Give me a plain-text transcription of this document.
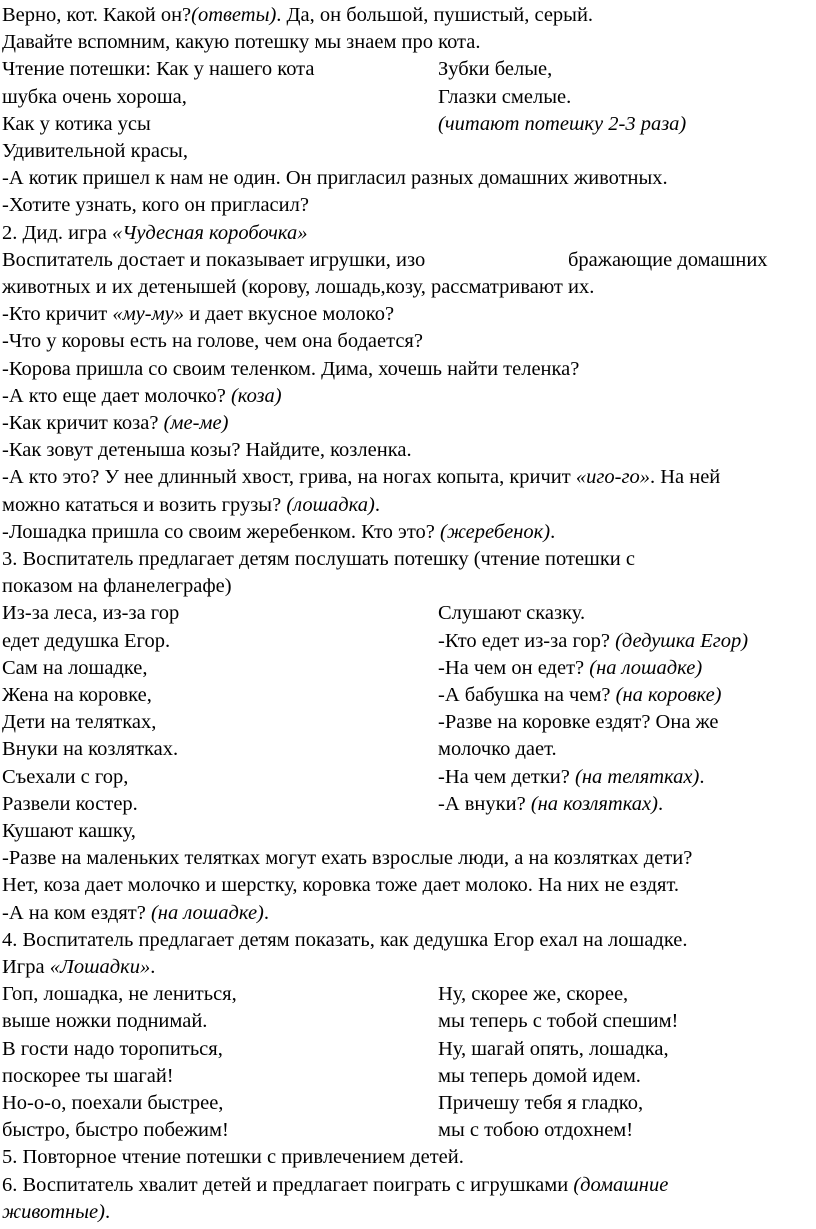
Верно, кот. Какой он?(ответы). Да, он большой, пушистый, серый.
Давайте вспомним, какую потешку мы знаем про кота.
Чтение потешки: Как у нашего кота	Зубки белые,
шубка очень хороша,	Глазки смелые.
Как у котика усы	(читают потешку 2-3 раза)
Удивительной красы,
-А котик пришел к нам не один. Он пригласил разных домашних животных.
-Хотите узнать, кого он пригласил?
2. Дид. игра «Чудесная коробочка»
Воспитатель достает и показывает игрушки, изо	бражающие домашних
животных и их детенышей (корову, лошадь,козу, рассматривают их.
-Кто кричит «му-му» и дает вкусное молоко?
-Что у коровы есть на голове, чем она бодается?
-Корова пришла со своим теленком. Дима, хочешь найти теленка?
-А кто еще дает молочко? (коза)
-Как кричит коза? (ме-ме)
-Как зовут детеныша козы? Найдите, козленка.
-А кто это? У нее длинный хвост, грива, на ногах копыта, кричит «иго-го». На ней
можно кататься и возить грузы? (лошадка).
-Лошадка пришла со своим жеребенком. Кто это? (жеребенок).
3. Воспитатель предлагает детям послушать потешку (чтение потешки с
показом на фланелеграфе)
Из-за леса, из-за гор	Слушают сказку.
едет дедушка Егор.	-Кто едет из-за гор? (дедушка Егор)
Сам на лошадке,	-На чем он едет? (на лошадке)
Жена на коровке,	-А бабушка на чем? (на коровке)
Дети на телятках,	-Разве на коровке ездят? Она же
Внуки на козлятках.	молочко дает.
Съехали с гор,	-На чем детки? (на телятках).
Развели костер.	-А внуки? (на козлятках).
Кушают кашку,
-Разве на маленьких телятках могут ехать взрослые люди, а на козлятках дети?
Нет, коза дает молочко и шерстку, коровка тоже дает молоко. На них не ездят.
-А на ком ездят? (на лошадке).
4. Воспитатель предлагает детям показать, как дедушка Егор ехал на лошадке.
Игра «Лошадки».
Гоп, лошадка, не лениться,	Ну, скорее же, скорее,
выше ножки поднимай.	мы теперь с тобой спешим!
В гости надо торопиться,	Ну, шагай опять, лошадка,
поскорее ты шагай!	мы теперь домой идем.
Но-о-о, поехали быстрее,	Причешу тебя я гладко,
быстро, быстро побежим!	мы с тобою отдохнем!
5. Повторное чтение потешки с привлечением детей.
6. Воспитатель хвалит детей и предлагает поиграть с игрушками (домашние
животные).
